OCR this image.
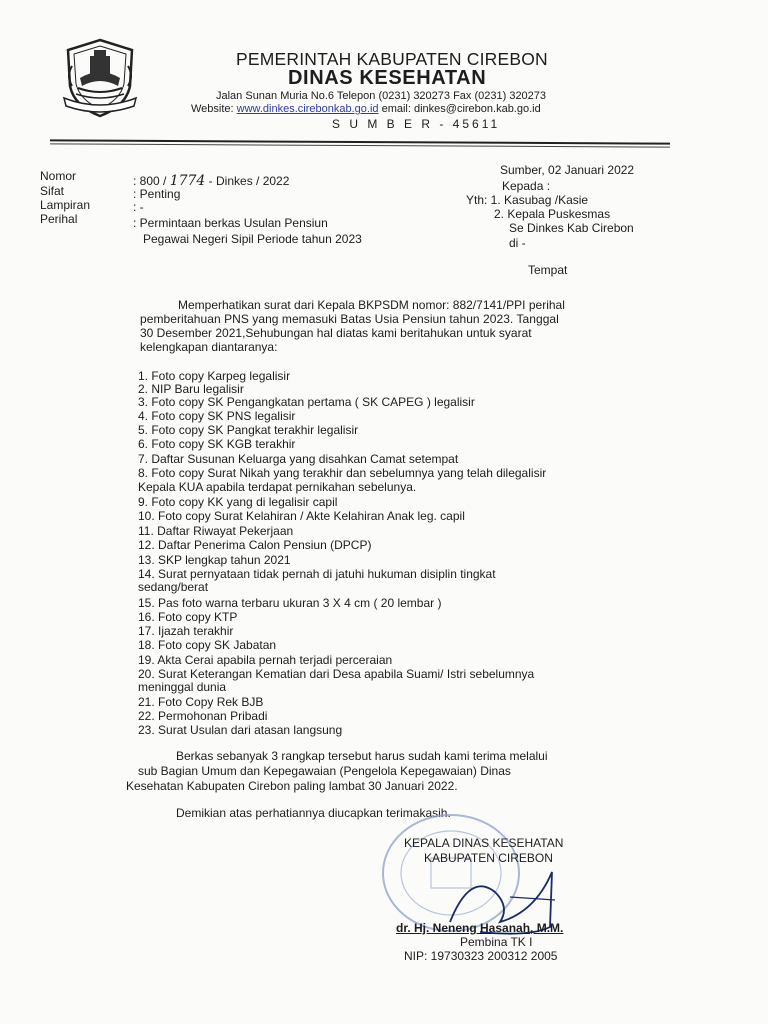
PEMERINTAH KABUPATEN CIREBON
DINAS KESEHATAN
Jalan Sunan Muria No.6 Telepon (0231) 320273 Fax (0231) 320273
Website: www.dinkes.cirebonkab.go.id email: dinkes@cirebon.kab.go.id
S U M B E R - 45611
Nomor
Sifat
Lampiran
Perihal
: 800 / 1774 - Dinkes / 2022
: Penting
: -
: Permintaan berkas Usulan Pensiun
Pegawai Negeri Sipil Periode tahun 2023
Sumber, 02 Januari 2022
Kepada :
Yth: 1. Kasubag /Kasie
2. Kepala Puskesmas
Se Dinkes Kab Cirebon
di -
Tempat
Memperhatikan surat dari Kepala BKPSDM nomor: 882/7141/PPI perihal
pemberitahuan PNS yang memasuki Batas Usia Pensiun tahun 2023. Tanggal
30 Desember 2021,Sehubungan hal diatas kami beritahukan untuk syarat
kelengkapan diantaranya:
1. Foto copy Karpeg legalisir
2. NIP Baru legalisir
3. Foto copy SK Pengangkatan pertama ( SK CAPEG ) legalisir
4. Foto copy SK PNS legalisir
5. Foto copy SK Pangkat terakhir legalisir
6. Foto copy SK KGB terakhir
7. Daftar Susunan Keluarga yang disahkan Camat setempat
8. Foto copy Surat Nikah yang terakhir dan sebelumnya yang telah dilegalisir
Kepala KUA apabila terdapat pernikahan sebelunya.
9. Foto copy KK yang di legalisir capil
10. Foto copy Surat Kelahiran / Akte Kelahiran Anak leg. capil
11. Daftar Riwayat Pekerjaan
12. Daftar Penerima Calon Pensiun (DPCP)
13. SKP lengkap tahun 2021
14. Surat pernyataan tidak pernah di jatuhi hukuman disiplin tingkat
sedang/berat
15. Pas foto warna terbaru ukuran 3 X 4 cm ( 20 lembar )
16. Foto copy KTP
17. Ijazah terakhir
18. Foto copy SK Jabatan
19. Akta Cerai apabila pernah terjadi perceraian
20. Surat Keterangan Kematian dari Desa apabila Suami/ Istri sebelumnya
meninggal dunia
21. Foto Copy Rek BJB
22. Permohonan Pribadi
23. Surat Usulan dari atasan langsung
Berkas sebanyak 3 rangkap tersebut harus sudah kami terima melalui
sub Bagian Umum dan Kepegawaian (Pengelola Kepegawaian) Dinas
Kesehatan Kabupaten Cirebon paling lambat 30 Januari 2022.
Demikian atas perhatiannya diucapkan terimakasih.
KEPALA DINAS KESEHATAN
KABUPATEN CIREBON
dr. Hj. Neneng Hasanah, M.M.
Pembina TK I
NIP: 19730323 200312 2005
